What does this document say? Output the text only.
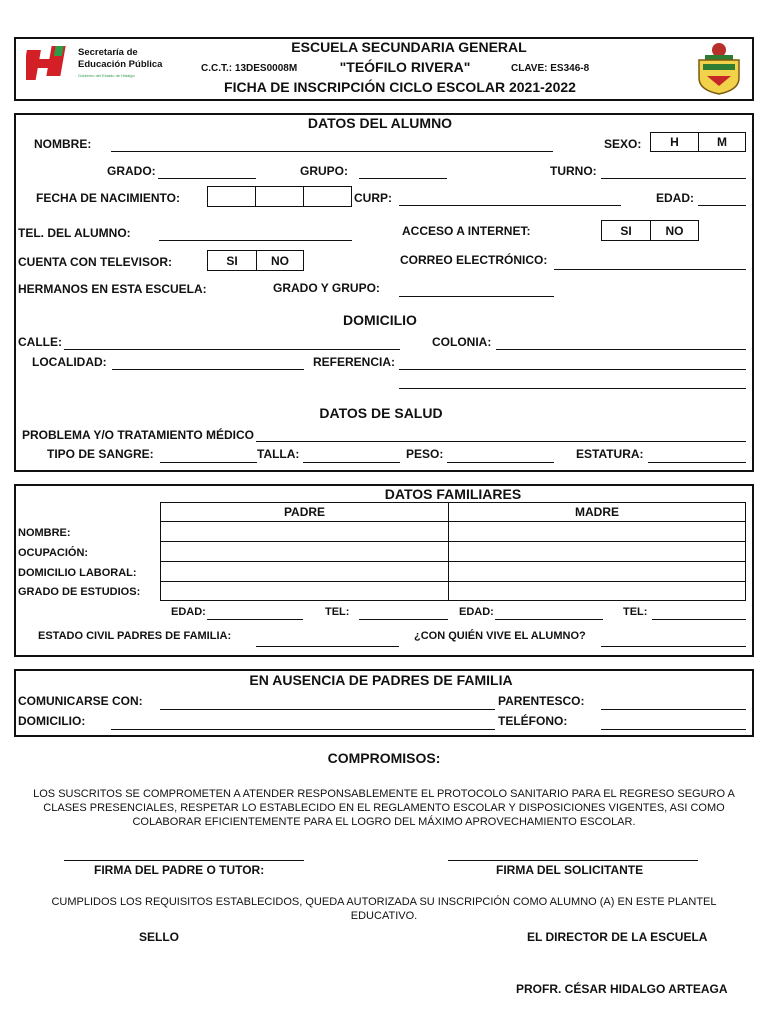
Secretaría de
Educación Pública
Gobierno del Estado de Hidalgo
ESCUELA SECUNDARIA GENERAL
C.C.T.: 13DES0008M	"TEÓFILO RIVERA"	CLAVE: ES346-8
FICHA DE INSCRIPCIÓN CICLO ESCOLAR 2021-2022
DATOS DEL ALUMNO
NOMBRE:	SEXO:	H	M
GRADO:	GRUPO:	TURNO:
FECHA DE NACIMIENTO:	CURP:	EDAD:
TEL. DEL ALUMNO:	ACCESO A INTERNET:	SI	NO
CUENTA CON TELEVISOR:	SI	NO	CORREO ELECTRÓNICO:
HERMANOS EN ESTA ESCUELA:	GRADO Y GRUPO:
DOMICILIO
CALLE:	COLONIA:
LOCALIDAD:	REFERENCIA:
DATOS DE SALUD
PROBLEMA Y/O TRATAMIENTO MÉDICO
TIPO DE SANGRE:	TALLA:	PESO:	ESTATURA:
DATOS FAMILIARES
PADRE	MADRE
NOMBRE:
OCUPACIÓN:
DOMICILIO LABORAL:
GRADO DE ESTUDIOS:
EDAD:	TEL:	EDAD:	TEL:
ESTADO CIVIL PADRES DE FAMILIA:	¿CON QUIÉN VIVE EL ALUMNO?
EN AUSENCIA DE PADRES DE FAMILIA
COMUNICARSE CON:	PARENTESCO:
DOMICILIO:	TELÉFONO:
COMPROMISOS:
LOS SUSCRITOS SE COMPROMETEN A ATENDER RESPONSABLEMENTE EL PROTOCOLO SANITARIO PARA EL REGRESO SEGURO A CLASES PRESENCIALES, RESPETAR LO ESTABLECIDO EN EL REGLAMENTO ESCOLAR Y DISPOSICIONES VIGENTES, ASI COMO COLABORAR EFICIENTEMENTE PARA EL LOGRO DEL MÁXIMO APROVECHAMIENTO ESCOLAR.
FIRMA DEL PADRE O TUTOR:	FIRMA DEL SOLICITANTE
CUMPLIDOS LOS REQUISITOS ESTABLECIDOS, QUEDA AUTORIZADA SU INSCRIPCIÓN COMO ALUMNO (A) EN ESTE PLANTEL EDUCATIVO.
SELLO	EL DIRECTOR DE LA ESCUELA
PROFR. CÉSAR HIDALGO ARTEAGA
